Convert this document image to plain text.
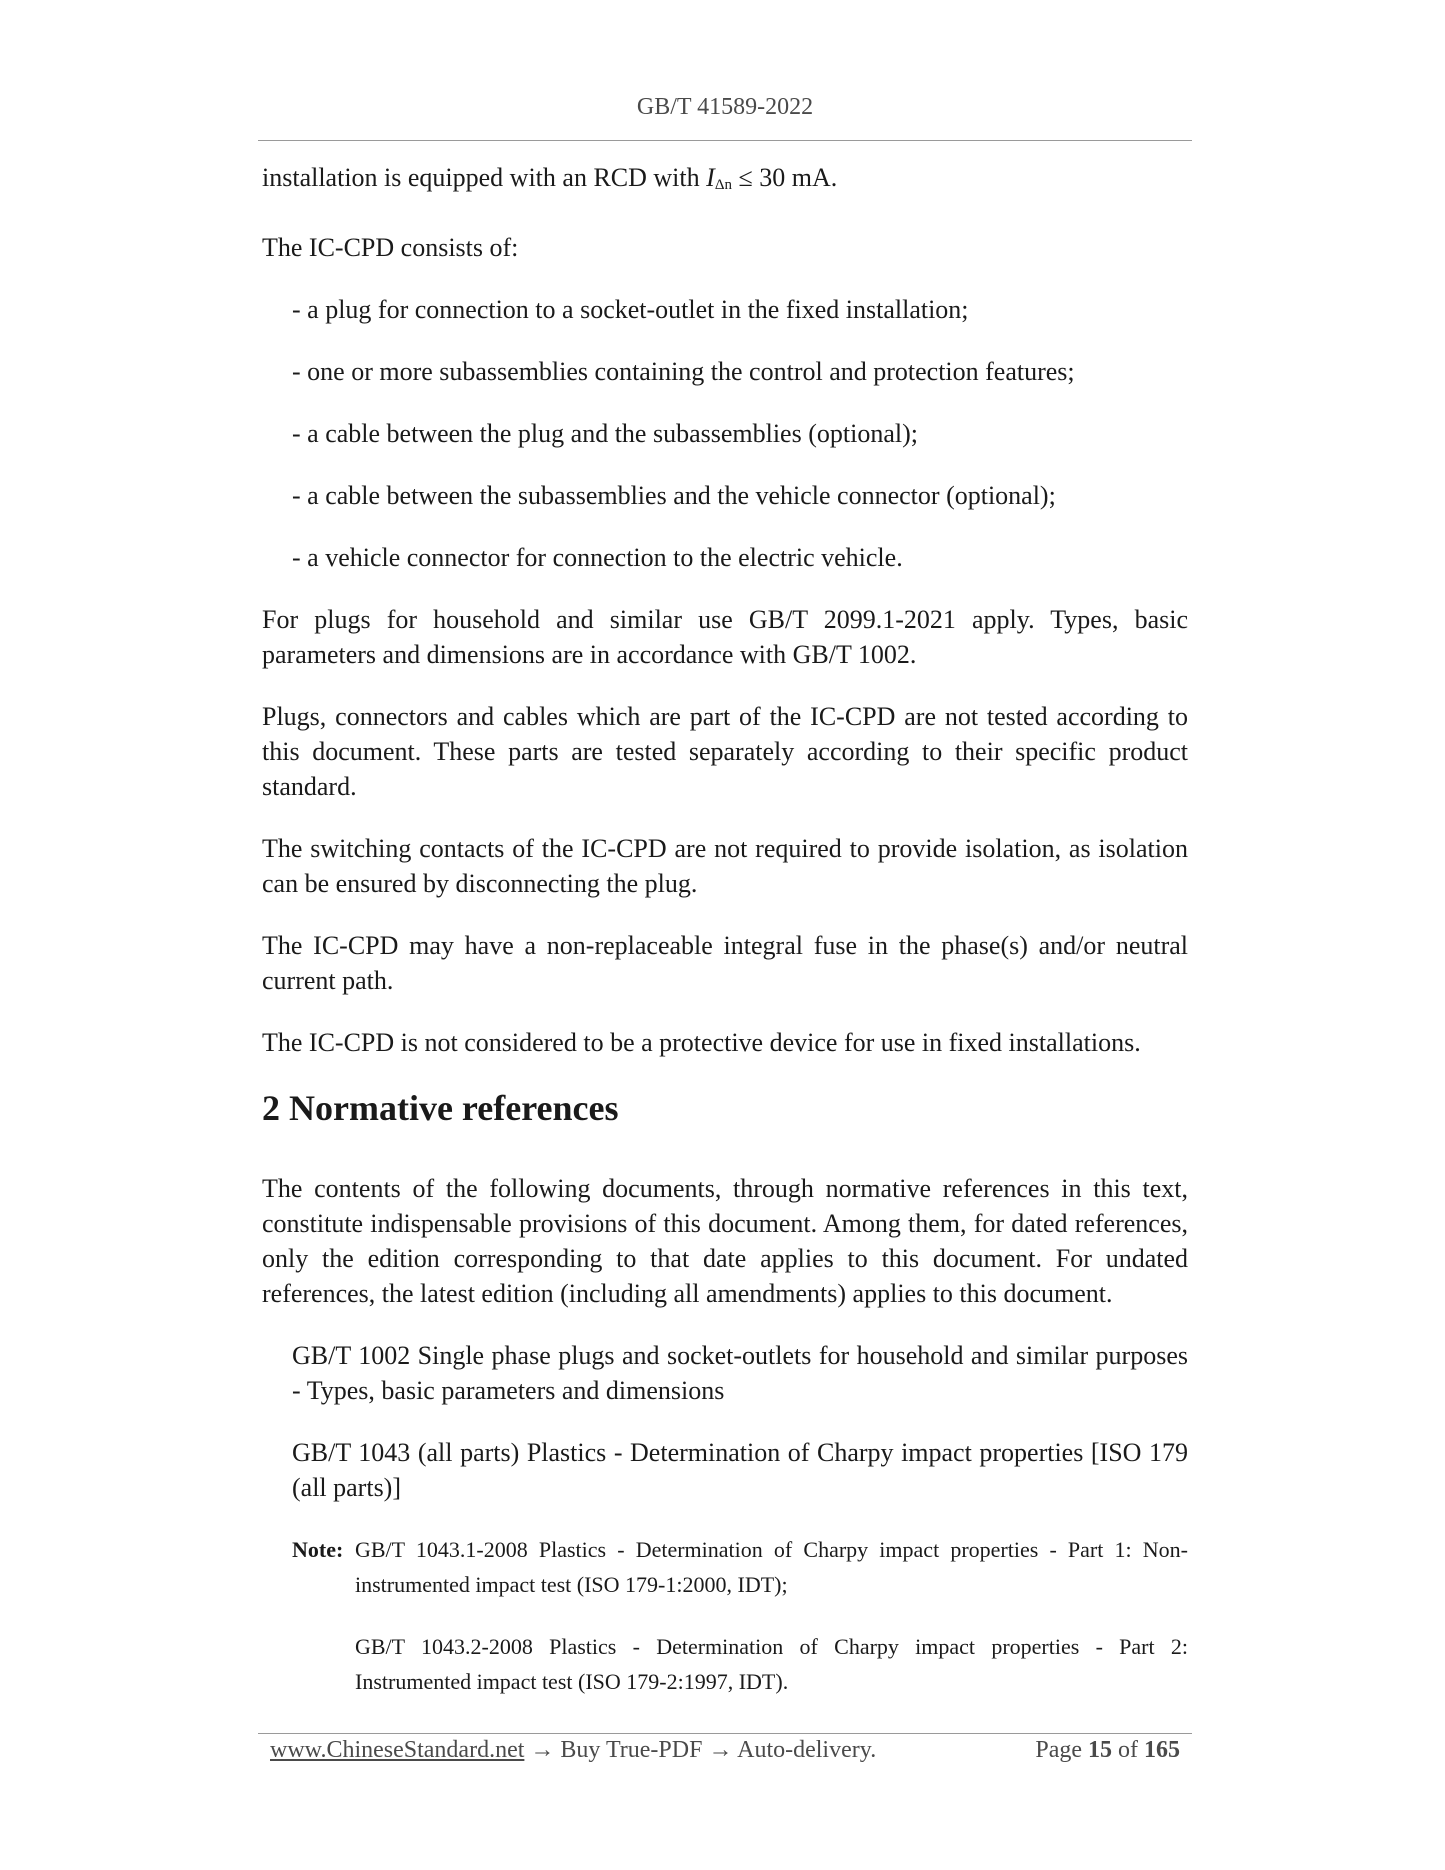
GB/T 41589-2022

installation is equipped with an RCD with $I_{\Delta n} \le 30$ mA.

The IC-CPD consists of:

- a plug for connection to a socket-outlet in the fixed installation;
- one or more subassemblies containing the control and protection features;
- a cable between the plug and the subassemblies (optional);
- a cable between the subassemblies and the vehicle connector (optional);
- a vehicle connector for connection to the electric vehicle.

For plugs for household and similar use GB/T 2099.1-2021 apply. Types, basic parameters and dimensions are in accordance with GB/T 1002.

Plugs, connectors and cables which are part of the IC-CPD are not tested according to this document. These parts are tested separately according to their specific product standard.

The switching contacts of the IC-CPD are not required to provide isolation, as isolation can be ensured by disconnecting the plug.

The IC-CPD may have a non-replaceable integral fuse in the phase(s) and/or neutral current path.

The IC-CPD is not considered to be a protective device for use in fixed installations.

2 Normative references

The contents of the following documents, through normative references in this text, constitute indispensable provisions of this document. Among them, for dated references, only the edition corresponding to that date applies to this document. For undated references, the latest edition (including all amendments) applies to this document.

GB/T 1002 Single phase plugs and socket-outlets for household and similar purposes - Types, basic parameters and dimensions
GB/T 1043 (all parts) Plastics - Determination of Charpy impact properties [ISO 179 (all parts)]
Note: GB/T 1043.1-2008 Plastics - Determination of Charpy impact properties - Part 1: Non-instrumented impact test (ISO 179-1:2000, IDT);

GB/T 1043.2-2008 Plastics - Determination of Charpy impact properties - Part 2: Instrumented impact test (ISO 179-2:1997, IDT).

www.ChineseStandard.net → Buy True-PDF → Auto-delivery.	Page 15 of 165
